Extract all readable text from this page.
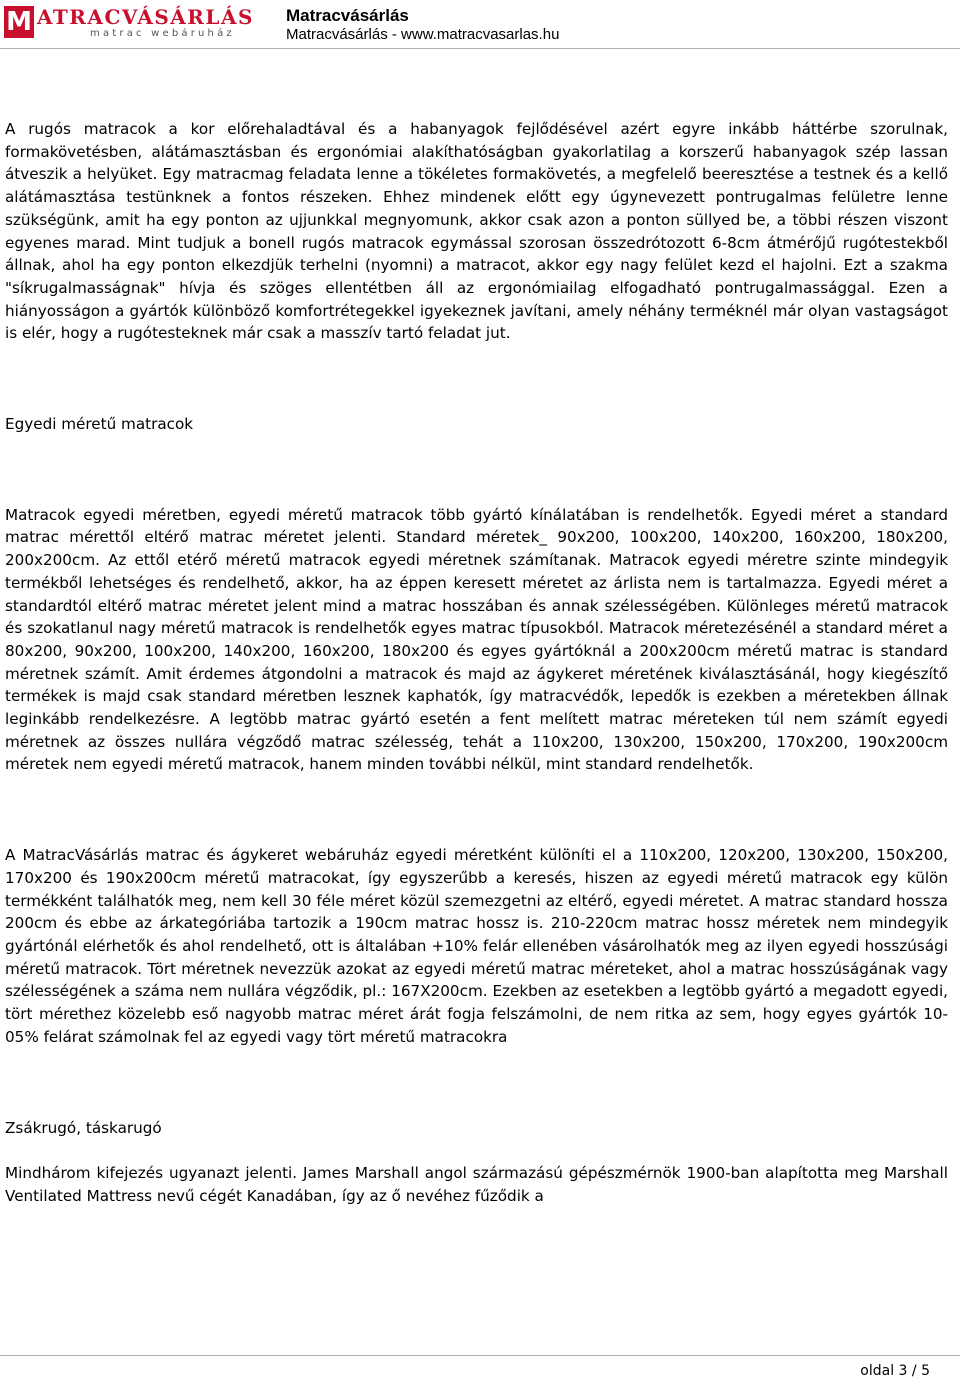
M ATRACVÁSÁRLÁS
matrac webáruház
Matracvásárlás
Matracvásárlás - www.matracvasarlas.hu

A rugós matracok a kor előrehaladtával és a habanyagok fejlődésével azért egyre inkább háttérbe szorulnak, formakövetésben, alátámasztásban és ergonómiai alakíthatóságban gyakorlatilag a korszerű habanyagok szép lassan átveszik a helyüket. Egy matracmag feladata lenne a tökéletes formakövetés, a megfelelő beeresztése a testnek és a kellő alátámasztása testünknek a fontos részeken. Ehhez mindenek előtt egy úgynevezett pontrugalmas felületre lenne szükségünk, amit ha egy ponton az ujjunkkal megnyomunk, akkor csak azon a ponton süllyed be, a többi részen viszont egyenes marad. Mint tudjuk a bonell rugós matracok egymással szorosan összedrótozott 6-8cm átmérőjű rugótestekből állnak, ahol ha egy ponton elkezdjük terhelni (nyomni) a matracot, akkor egy nagy felület kezd el hajolni. Ezt a szakma "síkrugalmasságnak" hívja és szöges ellentétben áll az ergonómiailag elfogadható pontrugalmassággal. Ezen a hiányosságon a gyártók különböző komfortrétegekkel igyekeznek javítani, amely néhány terméknél már olyan vastagságot is elér, hogy a rugótesteknek már csak a masszív tartó feladat jut.

Egyedi méretű matracok

Matracok egyedi méretben, egyedi méretű matracok több gyártó kínálatában is rendelhetők. Egyedi méret a standard matrac mérettől eltérő matrac méretet jelenti. Standard méretek_ 90x200, 100x200, 140x200, 160x200, 180x200, 200x200cm. Az ettől etérő méretű matracok egyedi méretnek számítanak. Matracok egyedi méretre szinte mindegyik termékből lehetséges és rendelhető, akkor, ha az éppen keresett méretet az árlista nem is tartalmazza. Egyedi méret a standardtól eltérő matrac méretet jelent mind a matrac hosszában és annak szélességében. Különleges méretű matracok és szokatlanul nagy méretű matracok is rendelhetők egyes matrac típusokból. Matracok méretezésénél a standard méret a 80x200, 90x200, 100x200, 140x200, 160x200, 180x200 és egyes gyártóknál a 200x200cm méretű matrac is standard méretnek számít. Amit érdemes átgondolni a matracok és majd az ágykeret méretének kiválasztásánál, hogy kiegészítő termékek is majd csak standard méretben lesznek kaphatók, így matracvédők, lepedők is ezekben a méretekben állnak leginkább rendelkezésre. A legtöbb matrac gyártó esetén a fent melített matrac méreteken túl nem számít egyedi méretnek az összes nullára végződő matrac szélesség, tehát a 110x200, 130x200, 150x200, 170x200, 190x200cm méretek nem egyedi méretű matracok, hanem minden további nélkül, mint standard rendelhetők.

A MatracVásárlás matrac és ágykeret webáruház egyedi méretként különíti el a 110x200, 120x200, 130x200, 150x200, 170x200 és 190x200cm méretű matracokat, így egyszerűbb a keresés, hiszen az egyedi méretű matracok egy külön termékként találhatók meg, nem kell 30 féle méret közül szemezgetni az eltérő, egyedi méretet. A matrac standard hossza 200cm és ebbe az árkategóriába tartozik a 190cm matrac hossz is. 210-220cm matrac hossz méretek nem mindegyik gyártónál elérhetők és ahol rendelhető, ott is általában +10% felár ellenében vásárolhatók meg az ilyen egyedi hosszúsági méretű matracok. Tört méretnek nevezzük azokat az egyedi méretű matrac méreteket, ahol a matrac hosszúságának vagy szélességének a száma nem nullára végződik, pl.: 167X200cm. Ezekben az esetekben a legtöbb gyártó a megadott egyedi, tört mérethez közelebb eső nagyobb matrac méret árát fogja felszámolni, de nem ritka az sem, hogy egyes gyártók 10-05% felárat számolnak fel az egyedi vagy tört méretű matracokra

Zsákrugó, táskarugó

Mindhárom kifejezés ugyanazt jelenti. James Marshall angol származású gépészmérnök 1900-ban alapította meg Marshall Ventilated Mattress nevű cégét Kanadában, így az ő nevéhez fűződik a

oldal 3 / 5
